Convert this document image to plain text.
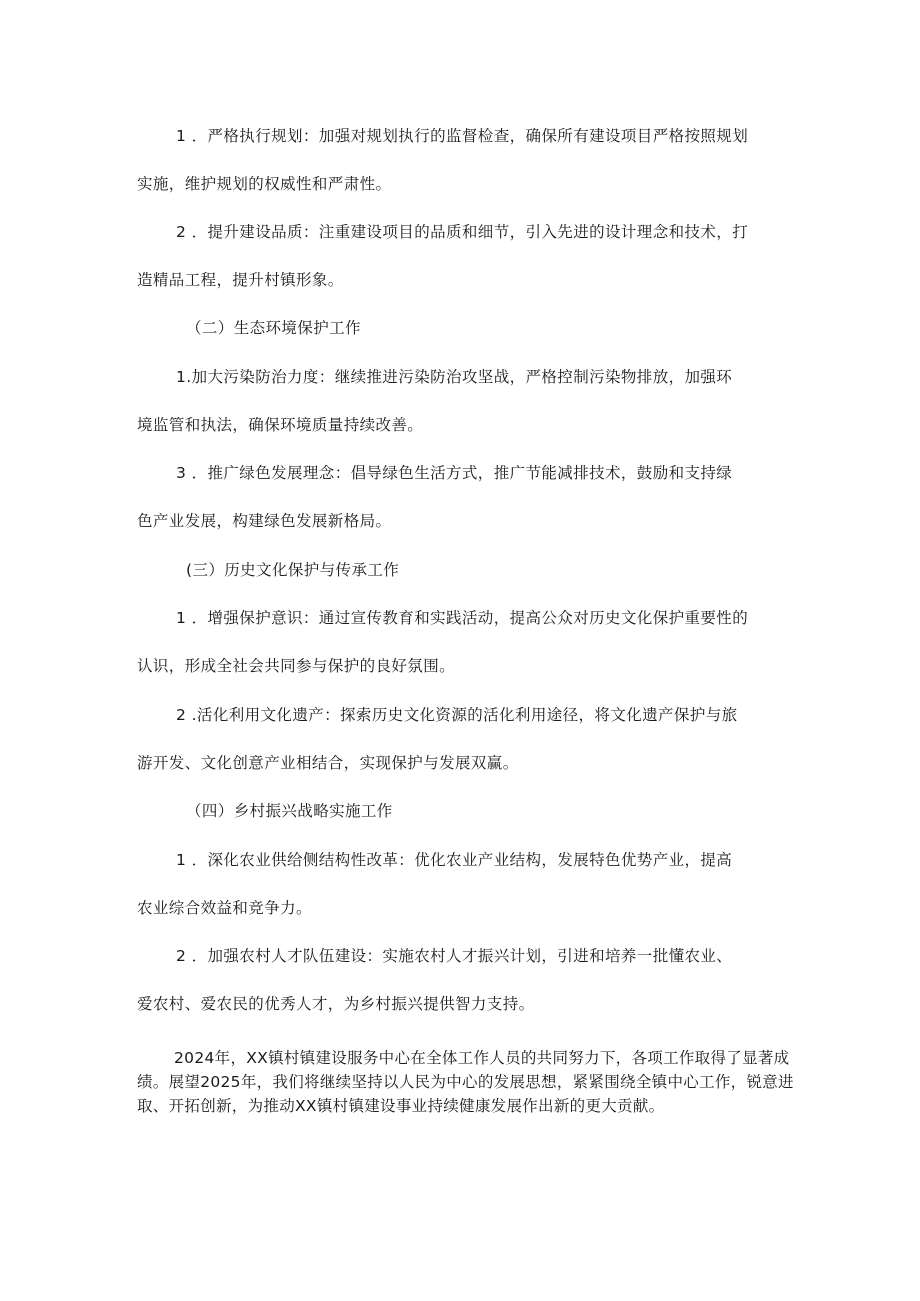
1 ．严格执行规划：加强对规划执行的监督检查，确保所有建设项目严格按照规划
实施，维护规划的权威性和严肃性。
2 ．提升建设品质：注重建设项目的品质和细节，引入先进的设计理念和技术，打
造精品工程，提升村镇形象。
（二）生态环境保护工作
1.加大污染防治力度：继续推进污染防治攻坚战，严格控制污染物排放，加强环
境监管和执法，确保环境质量持续改善。
3 ．推广绿色发展理念：倡导绿色生活方式，推广节能减排技术，鼓励和支持绿
色产业发展，构建绿色发展新格局。
(三）历史文化保护与传承工作
1 ．增强保护意识：通过宣传教育和实践活动，提高公众对历史文化保护重要性的
认识，形成全社会共同参与保护的良好氛围。
2 .活化利用文化遗产：探索历史文化资源的活化利用途径，将文化遗产保护与旅
游开发、文化创意产业相结合，实现保护与发展双赢。
（四）乡村振兴战略实施工作
1 ．深化农业供给侧结构性改革：优化农业产业结构，发展特色优势产业，提高
农业综合效益和竞争力。
2 ．加强农村人才队伍建设：实施农村人才振兴计划，引进和培养一批懂农业、
爱农村、爱农民的优秀人才，为乡村振兴提供智力支持。
2024年，XX镇村镇建设服务中心在全体工作人员的共同努力下，各项工作取得了显著成绩。展望2025年，我们将继续坚持以人民为中心的发展思想，紧紧围绕全镇中心工作，锐意进取、开拓创新，为推动XX镇村镇建设事业持续健康发展作出新的更大贡献。
